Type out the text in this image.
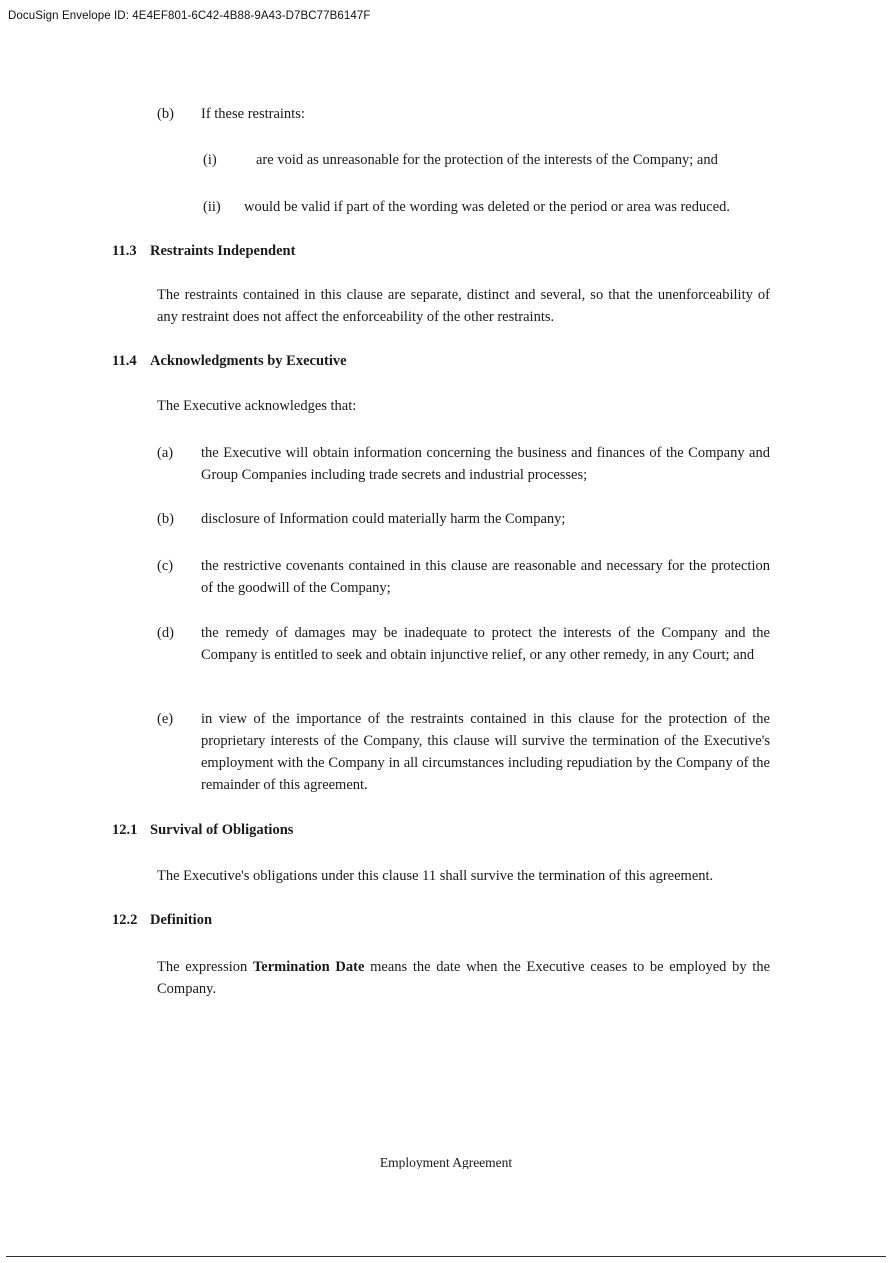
DocuSign Envelope ID: 4E4EF801-6C42-4B88-9A43-D7BC77B6147F
(b) If these restraints:
(i)	are void as unreasonable for the protection of the interests of the Company; and
(ii) would be valid if part of the wording was deleted or the period or area was reduced.
11.3 Restraints Independent
The restraints contained in this clause are separate, distinct and several, so that the unenforceability of any restraint does not affect the enforceability of the other restraints.
11.4 Acknowledgments by Executive
The Executive acknowledges that:
(a) the Executive will obtain information concerning the business and finances of the Company and Group Companies including trade secrets and industrial processes;
(b) disclosure of Information could materially harm the Company;
(c) the restrictive covenants contained in this clause are reasonable and necessary for the protection of the goodwill of the Company;
(d) the remedy of damages may be inadequate to protect the interests of the Company and the Company is entitled to seek and obtain injunctive relief, or any other remedy, in any Court; and
(e) in view of the importance of the restraints contained in this clause for the protection of the proprietary interests of the Company, this clause will survive the termination of the Executive's employment with the Company in all circumstances including repudiation by the Company of the remainder of this agreement.
12.1 Survival of Obligations
The Executive's obligations under this clause 11 shall survive the termination of this agreement.
12.2 Definition
The expression Termination Date means the date when the Executive ceases to be employed by the Company.
Employment Agreement
